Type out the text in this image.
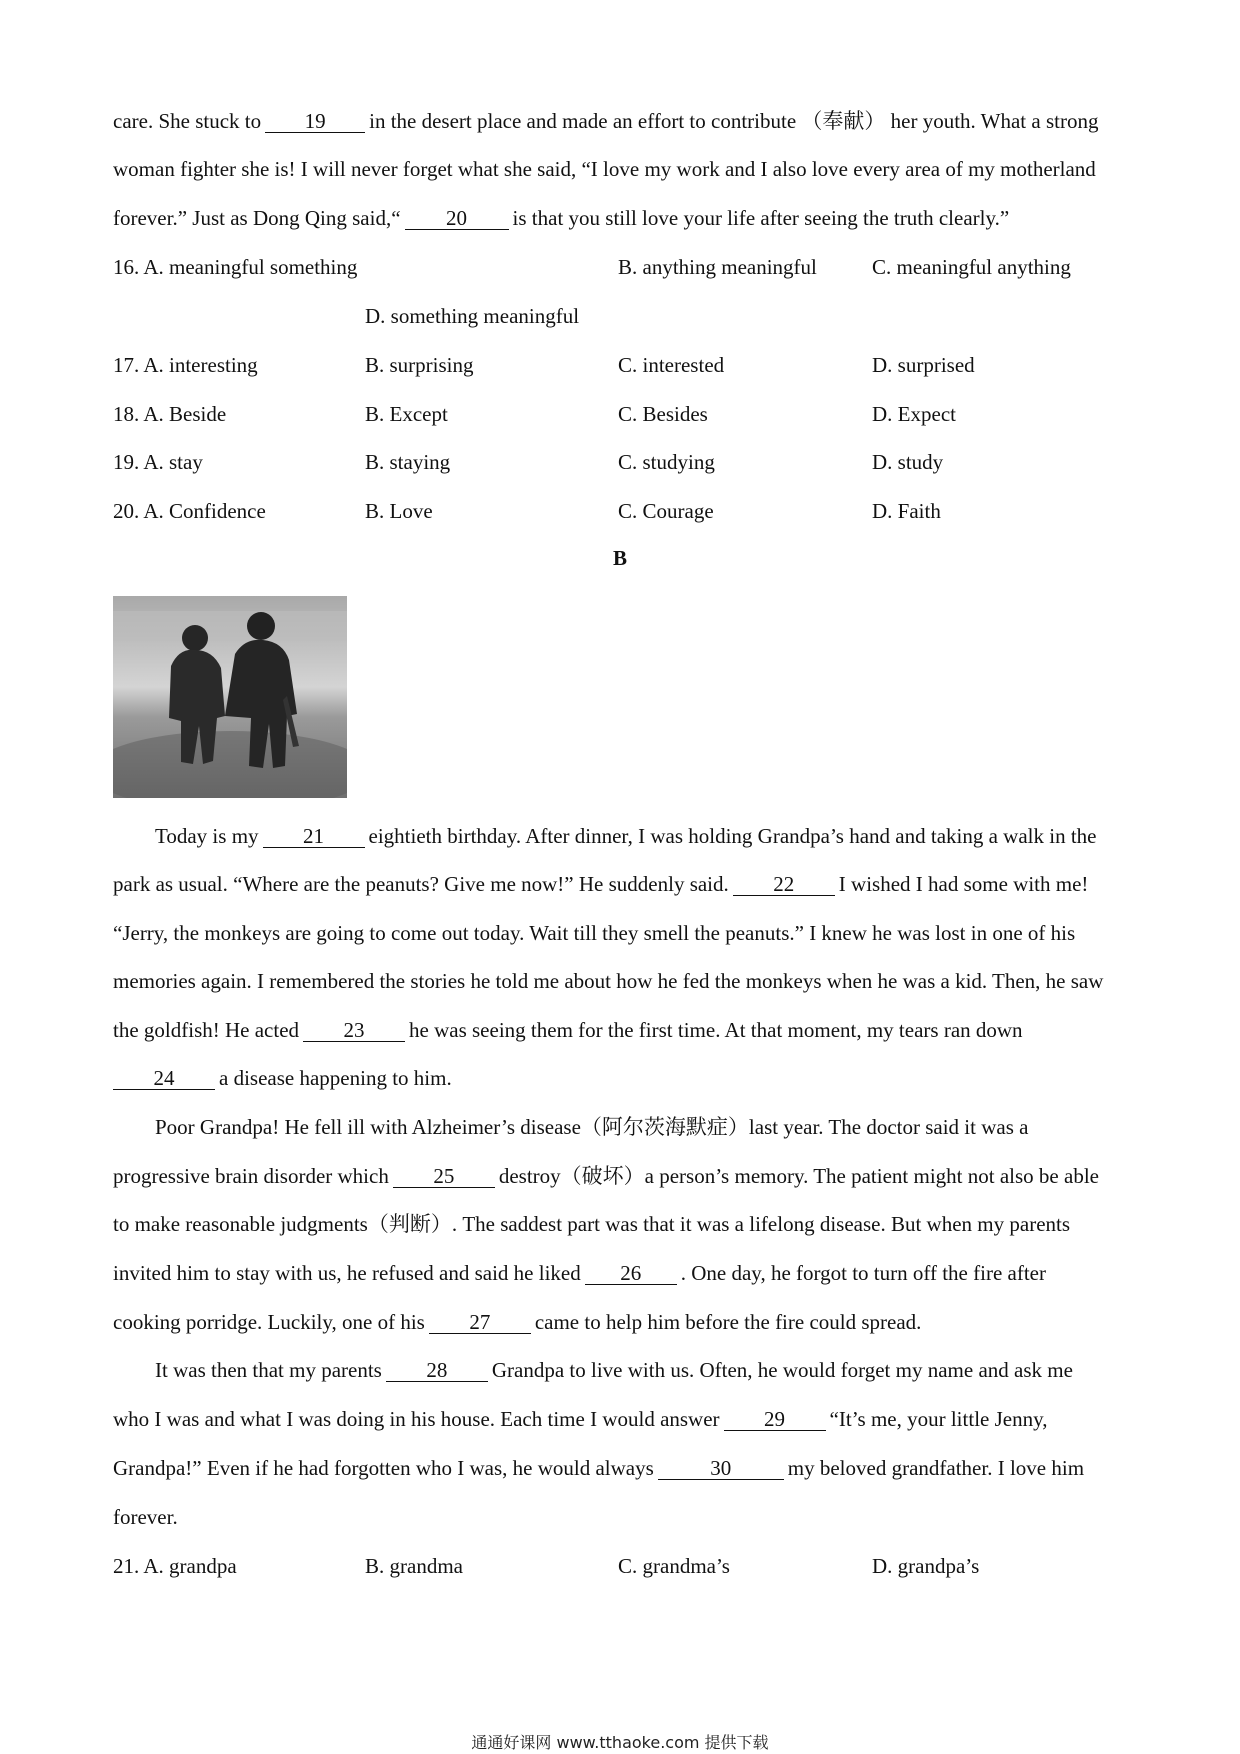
care. She stuck to 19 in the desert place and made an effort to contribute （奉献） her youth. What a strong
woman fighter she is! I will never forget what she said, “I love my work and I also love every area of my motherland
forever.” Just as Dong Qing said,“ 20 is that you still love your life after seeing the truth clearly.”
16. A. meaningful something	B. anything meaningful	C. meaningful anything
D. something meaningful
17. A. interesting	B. surprising	C. interested	D. surprised
18. A. Beside	B. Except	C. Besides	D. Expect
19. A. stay	B. staying	C. studying	D. study
20. A. Confidence	B. Love	C. Courage	D. Faith
B
Today is my 21 eightieth birthday. After dinner, I was holding Grandpa’s hand and taking a walk in the
park as usual. “Where are the peanuts? Give me now!” He suddenly said. 22 I wished I had some with me!
“Jerry, the monkeys are going to come out today. Wait till they smell the peanuts.” I knew he was lost in one of his
memories again. I remembered the stories he told me about how he fed the monkeys when he was a kid. Then, he saw
the goldfish! He acted 23 he was seeing them for the first time. At that moment, my tears ran down
24 a disease happening to him.
Poor Grandpa! He fell ill with Alzheimer’s disease（阿尔茨海默症）last year. The doctor said it was a
progressive brain disorder which 25 destroy（破坏）a person’s memory. The patient might not also be able
to make reasonable judgments（判断）. The saddest part was that it was a lifelong disease. But when my parents
invited him to stay with us, he refused and said he liked 26 . One day, he forgot to turn off the fire after
cooking porridge. Luckily, one of his 27 came to help him before the fire could spread.
It was then that my parents 28 Grandpa to live with us. Often, he would forget my name and ask me
who I was and what I was doing in his house. Each time I would answer 29 “It’s me, your little Jenny,
Grandpa!” Even if he had forgotten who I was, he would always	30	my beloved grandfather. I love him
forever.
21. A. grandpa	B. grandma	C. grandma’s	D. grandpa’s
通通好课网 www.tthaoke.com 提供下载
